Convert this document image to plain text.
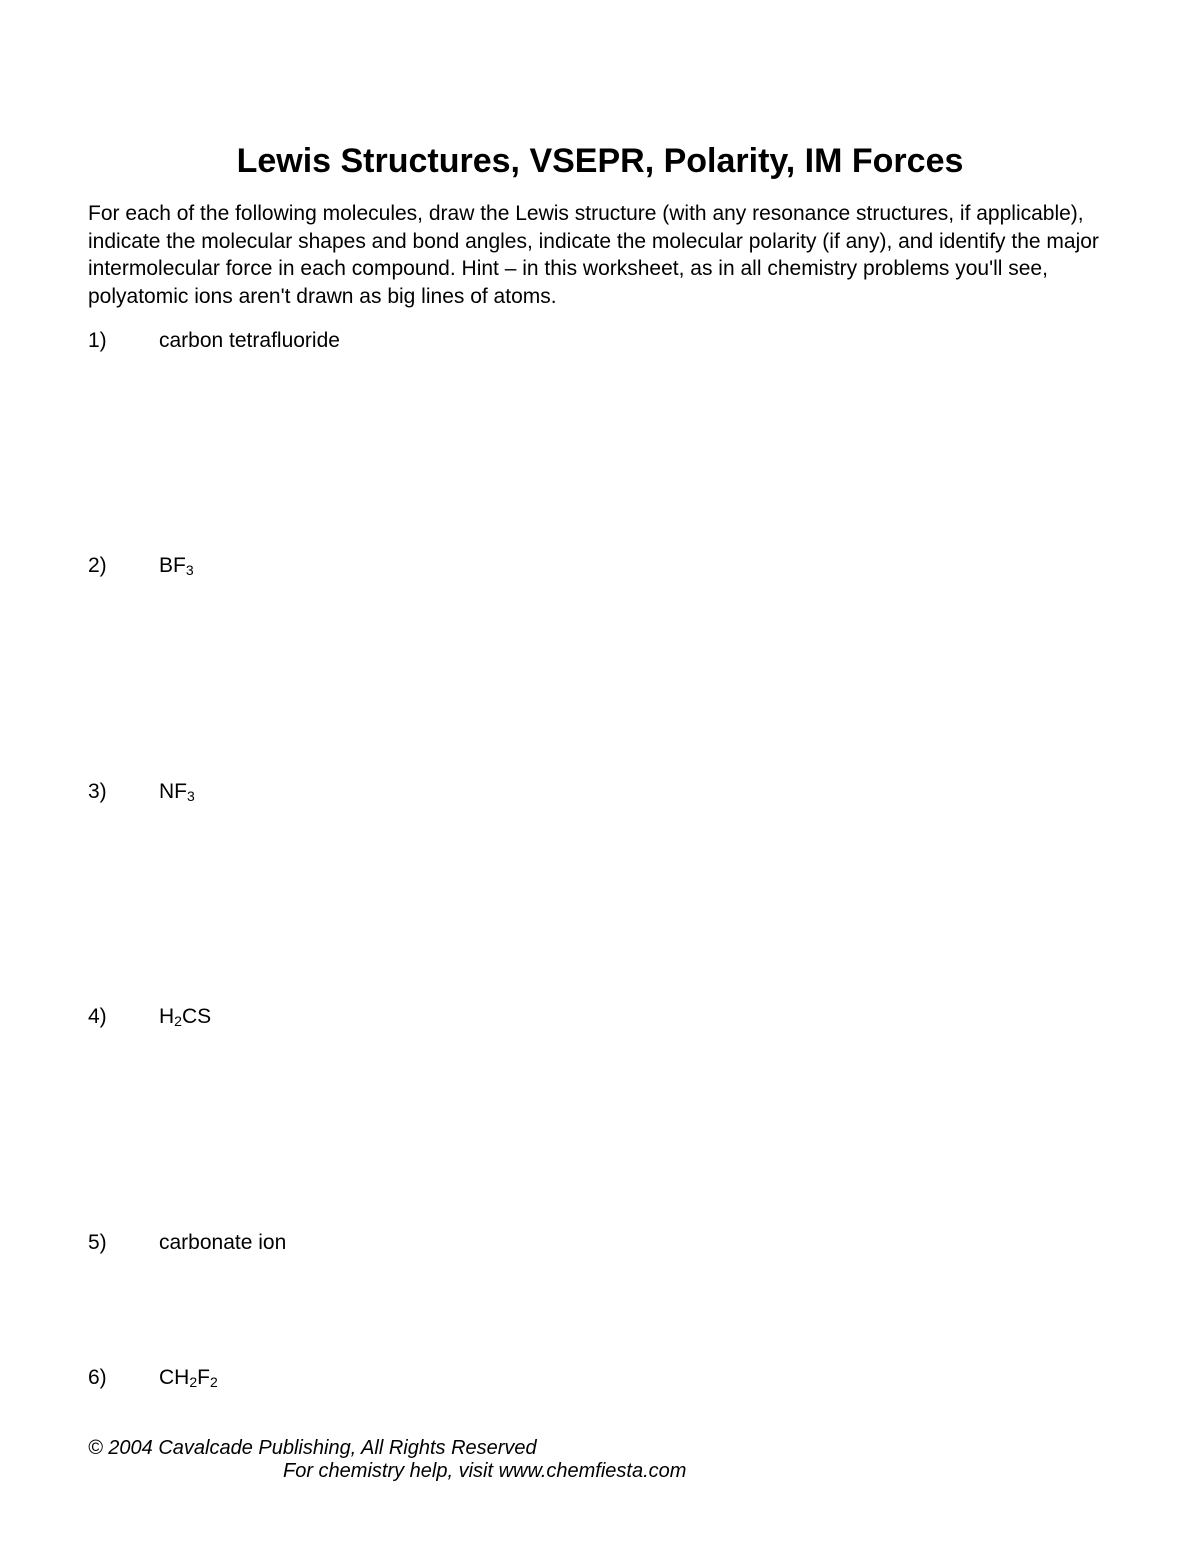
Lewis Structures, VSEPR, Polarity, IM Forces

For each of the following molecules, draw the Lewis structure (with any resonance structures, if applicable), indicate the molecular shapes and bond angles, indicate the molecular polarity (if any), and identify the major intermolecular force in each compound. Hint – in this worksheet, as in all chemistry problems you'll see, polyatomic ions aren't drawn as big lines of atoms.

1) carbon tetrafluoride
2) $BF_3$
3) $NF_3$
4) $H_2CS$
5) carbonate ion
6) $CH_2F_2$
© 2004 Cavalcade Publishing, All Rights Reserved
For chemistry help, visit www.chemfiesta.com
